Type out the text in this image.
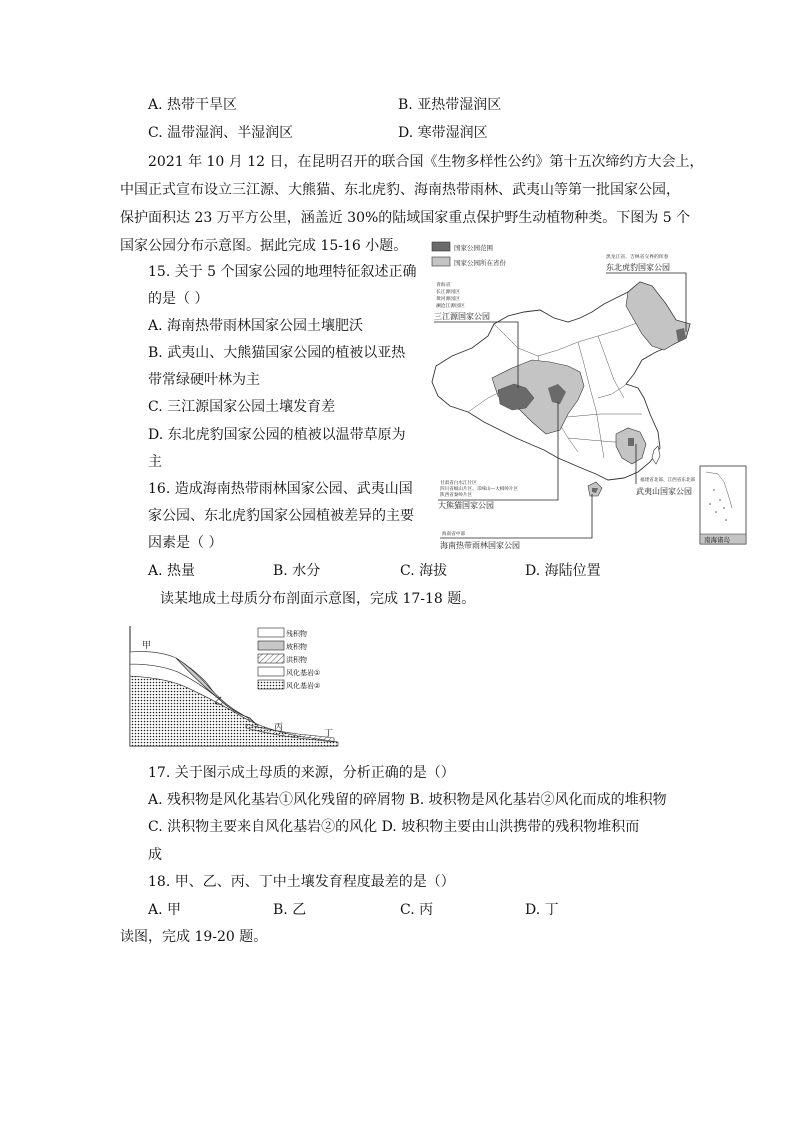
A. 热带干旱区	B. 亚热带湿润区
C. 温带湿润、半湿润区	D. 寒带湿润区
2021 年 10 月 12 日，在昆明召开的联合国《生物多样性公约》第十五次缔约方大会上，
中国正式宣布设立三江源、大熊猫、东北虎豹、海南热带雨林、武夷山等第一批国家公园，
保护面积达 23 万平方公里，涵盖近 30%的陆域国家重点保护野生动植物种类。下图为 5 个
国家公园分布示意图。据此完成 15-16 小题。
15. 关于 5 个国家公园的地理特征叙述正确
的是（ ）
A. 海南热带雨林国家公园土壤肥沃
B. 武夷山、大熊猫国家公园的植被以亚热
带常绿硬叶林为主
C. 三江源国家公园土壤发育差
D. 东北虎豹国家公园的植被以温带草原为
主
16. 造成海南热带雨林国家公园、武夷山国
家公园、东北虎豹国家公园植被差异的主要
因素是（ ）
A. 热量	B. 水分	C. 海拔	D. 海陆位置
国家公园范围
国家公园所在省份
青海省
长江源园区
黄河源园区
澜沧江源园区
三江源国家公园
黑龙江省、吉林省交界的珲春
东北虎豹国家公园
甘肃省白水江片区
四川省岷山片区、邛崃山—大相岭片区
陕西省秦岭片区
大熊猫国家公园
海南省中部
海南热带雨林国家公园
福建省北部、江西省东北部
武夷山国家公园
南海诸岛
读某地成土母质分布剖面示意图，完成 17-18 题。
甲
乙
丙
丁
残积物
坡积物
洪积物
风化基岩①
风化基岩②
17. 关于图示成土母质的来源，分析正确的是（）
A. 残积物是风化基岩①风化残留的碎屑物 B. 坡积物是风化基岩②风化而成的堆积物
C. 洪积物主要来自风化基岩②的风化 D. 坡积物主要由山洪携带的残积物堆积而
成
18. 甲、乙、丙、丁中土壤发育程度最差的是（）
A. 甲	B. 乙	C. 丙	D. 丁
读图，完成 19-20 题。
